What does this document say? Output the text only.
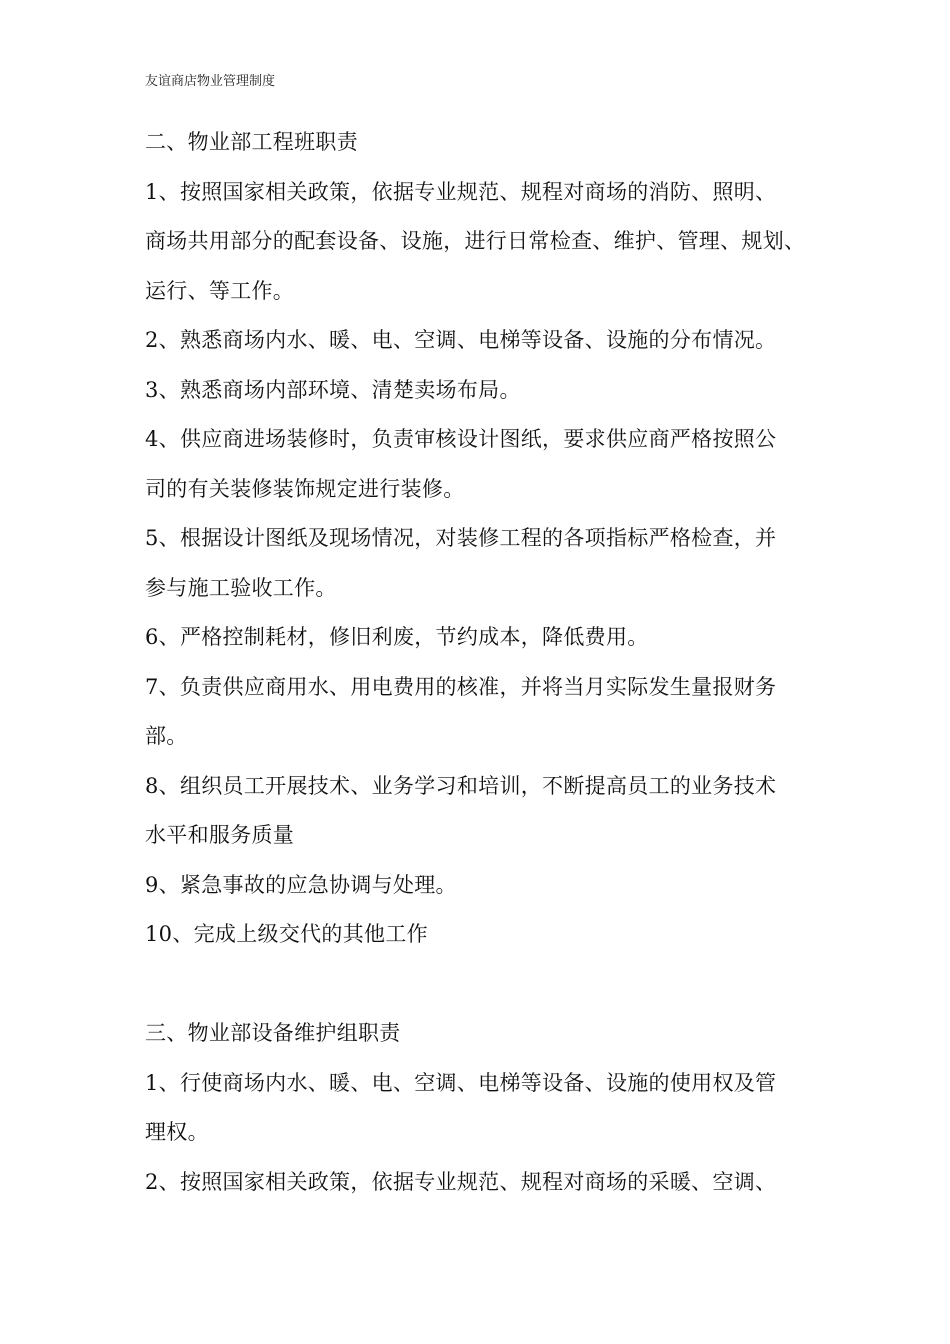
友谊商店物业管理制度
二、物业部工程班职责
1、按照国家相关政策，依据专业规范、规程对商场的消防、照明、
商场共用部分的配套设备、设施，进行日常检查、维护、管理、规划、
运行、等工作。
2、熟悉商场内水、暖、电、空调、电梯等设备、设施的分布情况。
3、熟悉商场内部环境、清楚卖场布局。
4、供应商进场装修时，负责审核设计图纸，要求供应商严格按照公
司的有关装修装饰规定进行装修。
5、根据设计图纸及现场情况，对装修工程的各项指标严格检查，并
参与施工验收工作。
6、严格控制耗材，修旧利废，节约成本，降低费用。
7、负责供应商用水、用电费用的核准，并将当月实际发生量报财务
部。
8、组织员工开展技术、业务学习和培训，不断提高员工的业务技术
水平和服务质量
9、紧急事故的应急协调与处理。
10、完成上级交代的其他工作
三、物业部设备维护组职责
1、行使商场内水、暖、电、空调、电梯等设备、设施的使用权及管
理权。
2、按照国家相关政策，依据专业规范、规程对商场的采暖、空调、
